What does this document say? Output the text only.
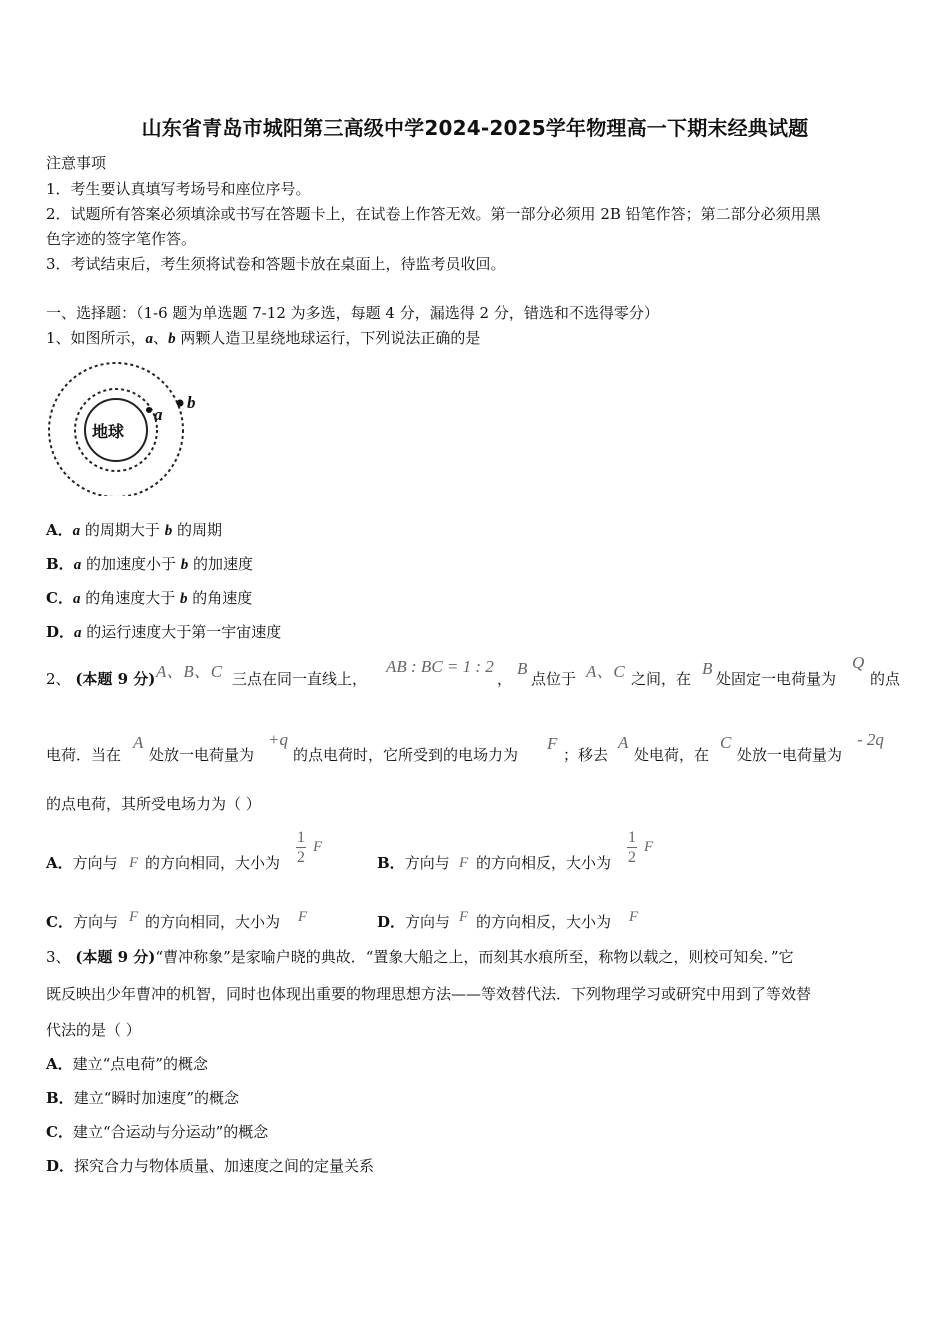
山东省青岛市城阳第三高级中学2024-2025学年物理高一下期末经典试题
注意事项
1．考生要认真填写考场号和座位序号。
2．试题所有答案必须填涂或书写在答题卡上，在试卷上作答无效。第一部分必须用 2B 铅笔作答；第二部分必须用黑
色字迹的签字笔作答。
3．考试结束后，考生须将试卷和答题卡放在桌面上，待监考员收回。
一、选择题：（1-6 题为单选题 7-12 为多选，每题 4 分，漏选得 2 分，错选和不选得零分）
1、如图所示，a、b 两颗人造卫星绕地球运行，下列说法正确的是
地球
a
b
A．a 的周期大于 b 的周期
B．a 的加速度小于 b 的加速度
C．a 的角速度大于 b 的角速度
D．a 的运行速度大于第一宇宙速度
2、 (本题 9 分) A、B、C 三点在同一直线上，
AB : BC = 1 : 2
，
B
点位于 A、C 之间，在
B
处固定一电荷量为
Q
的点
电荷．当在
A
处放一电荷量为
+q
的点电荷时，它所受到的电场力为
F
；移去
A
处电荷，在
C
处放一电荷量为
- 2q
的点电荷，其所受电场力为（ ）
A．方向与 F 的方向相同，大小为
1
2
F
B．方向与 F 的方向相反，大小为
1
2
F
C．方向与 F 的方向相同，大小为 F	D．方向与 F 的方向相反，大小为 F
3、 (本题 9 分)“曹冲称象”是家喻户晓的典故．“置象大船之上，而刻其水痕所至，称物以载之，则校可知矣．”它
既反映出少年曹冲的机智，同时也体现出重要的物理思想方法——等效替代法．下列物理学习或研究中用到了等效替
代法的是（ ）
A．建立“点电荷”的概念
B．建立“瞬时加速度”的概念
C．建立“合运动与分运动”的概念
D．探究合力与物体质量、加速度之间的定量关系
